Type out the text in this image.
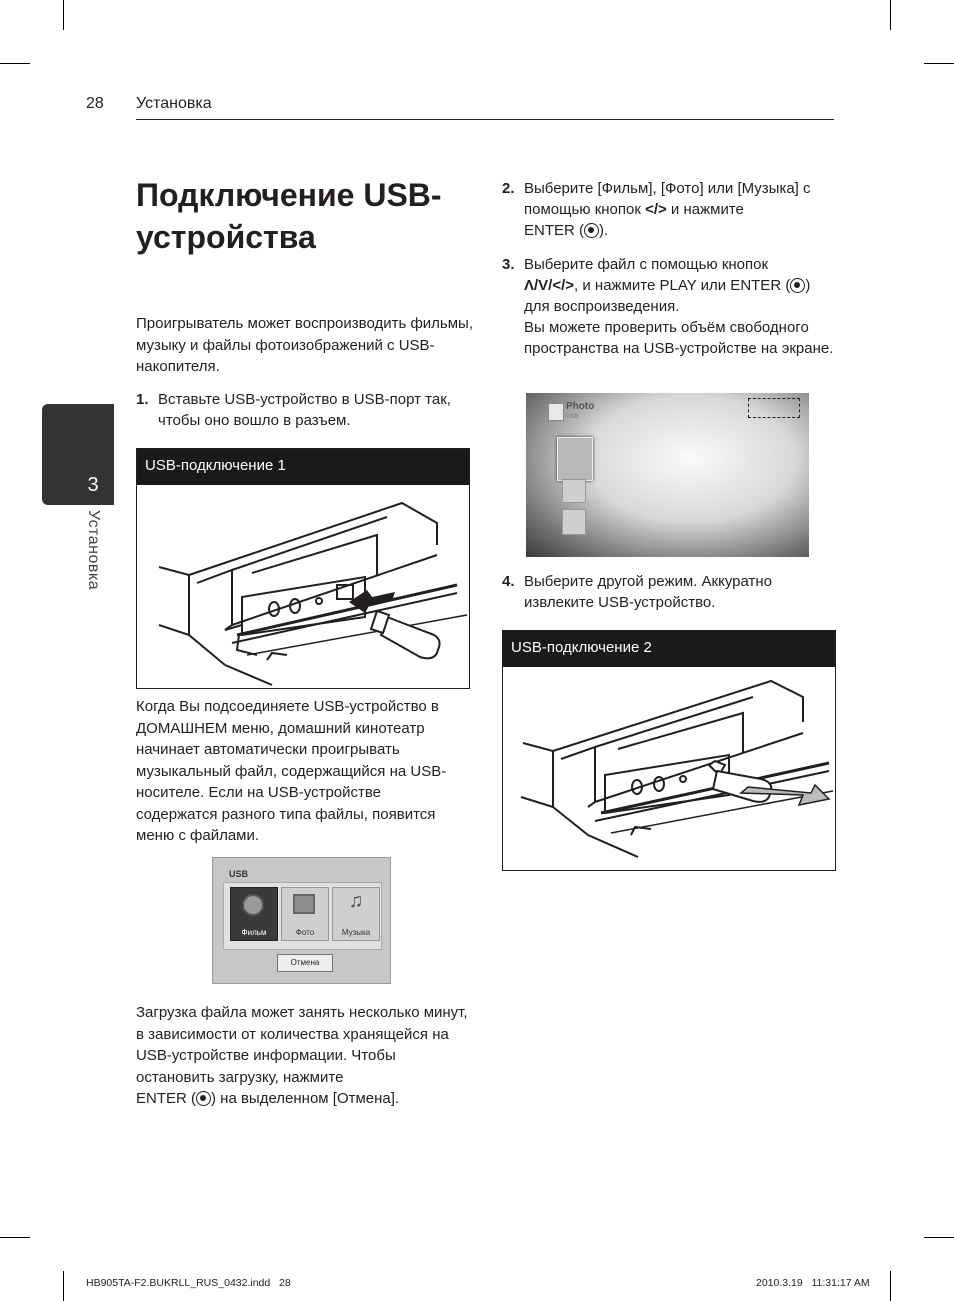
28 Установка
3
Установка
Подключение USB-устройства

Проигрыватель может воспроизводить фильмы, музыку и файлы фотоизображений с USB-накопителя.

1. Вставьте USB-устройство в USB-порт так, чтобы оно вошло в разъем.
USB-подключение 1

Когда Вы подсоединяете USB-устройство в ДОМАШНЕМ меню, домашний кинотеатр начинает автоматически проигрывать музыкальный файл, содержащийся на USB-носителе. Если на USB-устройстве содержатся разного типа файлы, появится меню с файлами.

USB
Фильм	Фото
♫
Музыка
Отмена

Загрузка файла может занять несколько минут, в зависимости от количества хранящейся на USB-устройстве информации. Чтобы остановить загрузку, нажмите
ENTER ( ) на выделенном [Отмена].

2. Выберите [Фильм], [Фото] или [Музыка] с помощью кнопок </> и нажмите
ENTER ( ).
3. Выберите файл с помощью кнопок
Λ/V/</>, и нажмите PLAY или ENTER ( )
для воспроизведения.
Вы можете проверить объём свободного пространства на USB-устройстве на экране.
Photo
USB
4. Выберите другой режим. Аккуратно извлеките USB-устройство.
USB-подключение 2
HB905TA-F2.BUKRLL_RUS_0432.indd   28	2010.3.19   11:31:17 AM
